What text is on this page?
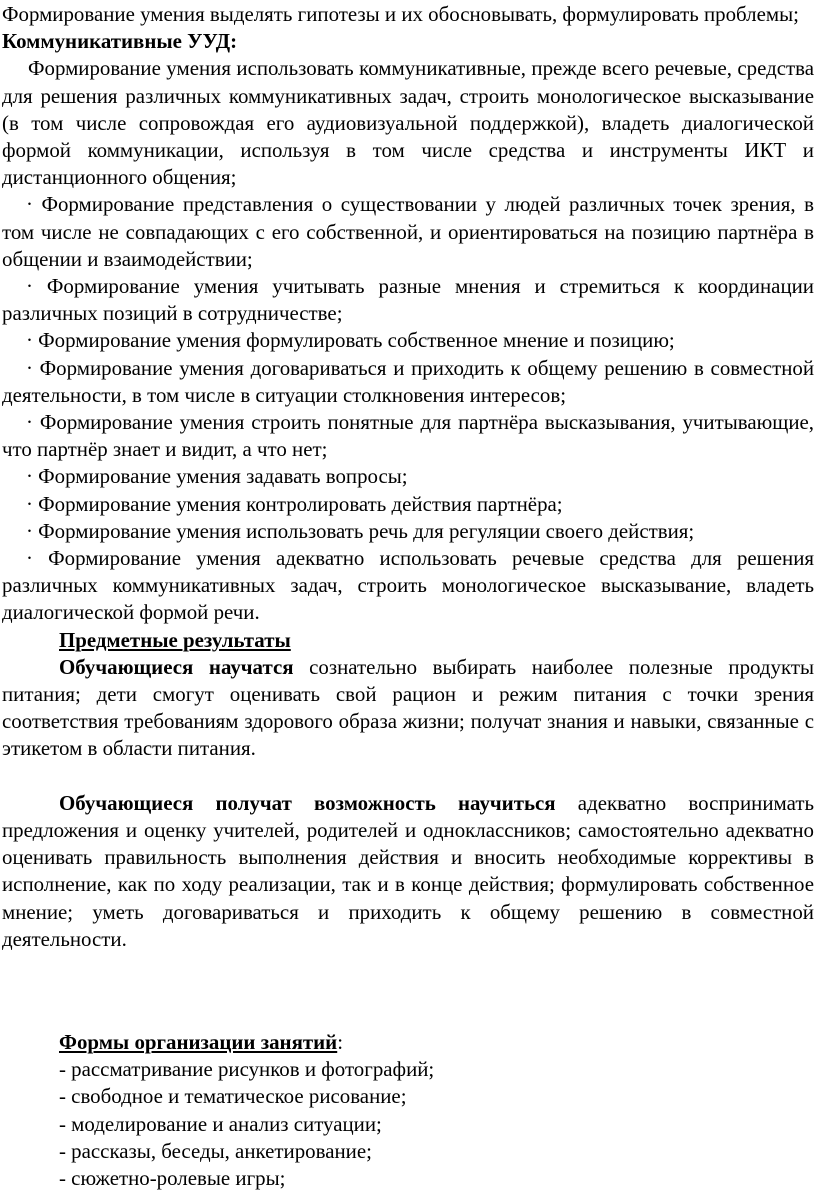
Формирование умения выделять гипотезы и их обосновывать, формулировать проблемы;

Коммуникативные УУД:

Формирование умения использовать коммуникативные, прежде всего речевые, средства для решения различных коммуникативных задач, строить монологическое высказывание (в том числе сопровождая его аудиовизуальной поддержкой), владеть диалогической формой коммуникации, используя в том числе средства и инструменты ИКТ и дистанционного общения;

· Формирование представления о существовании у людей различных точек зрения, в том числе не совпадающих с его собственной, и ориентироваться на позицию партнёра в общении и взаимодействии;

· Формирование умения учитывать разные мнения и стремиться к координации различных позиций в сотрудничестве;

· Формирование умения формулировать собственное мнение и позицию;

· Формирование умения договариваться и приходить к общему решению в совместной деятельности, в том числе в ситуации столкновения интересов;

· Формирование умения строить понятные для партнёра высказывания, учитывающие, что партнёр знает и видит, а что нет;

· Формирование умения задавать вопросы;

· Формирование умения контролировать действия партнёра;

· Формирование умения использовать речь для регуляции своего действия;

· Формирование умения адекватно использовать речевые средства для решения различных коммуникативных задач, строить монологическое высказывание, владеть диалогической формой речи.

Предметные результаты

Обучающиеся научатся сознательно выбирать наиболее полезные продукты питания; дети смогут оценивать свой рацион и режим питания с точки зрения соответствия требованиям здорового образа жизни; получат знания и навыки, связанные с этикетом в области питания.

Обучающиеся получат возможность научиться адекватно воспринимать предложения и оценку учителей, родителей и одноклассников; самостоятельно адекватно оценивать правильность выполнения действия и вносить необходимые коррективы в исполнение, как по ходу реализации, так и в конце действия; формулировать собственное мнение; уметь договариваться и приходить к общему решению в совместной деятельности.

Формы организации занятий:

- рассматривание рисунков и фотографий;

- свободное и тематическое рисование;

- моделирование и анализ ситуации;

- рассказы, беседы, анкетирование;

- сюжетно-ролевые игры;
